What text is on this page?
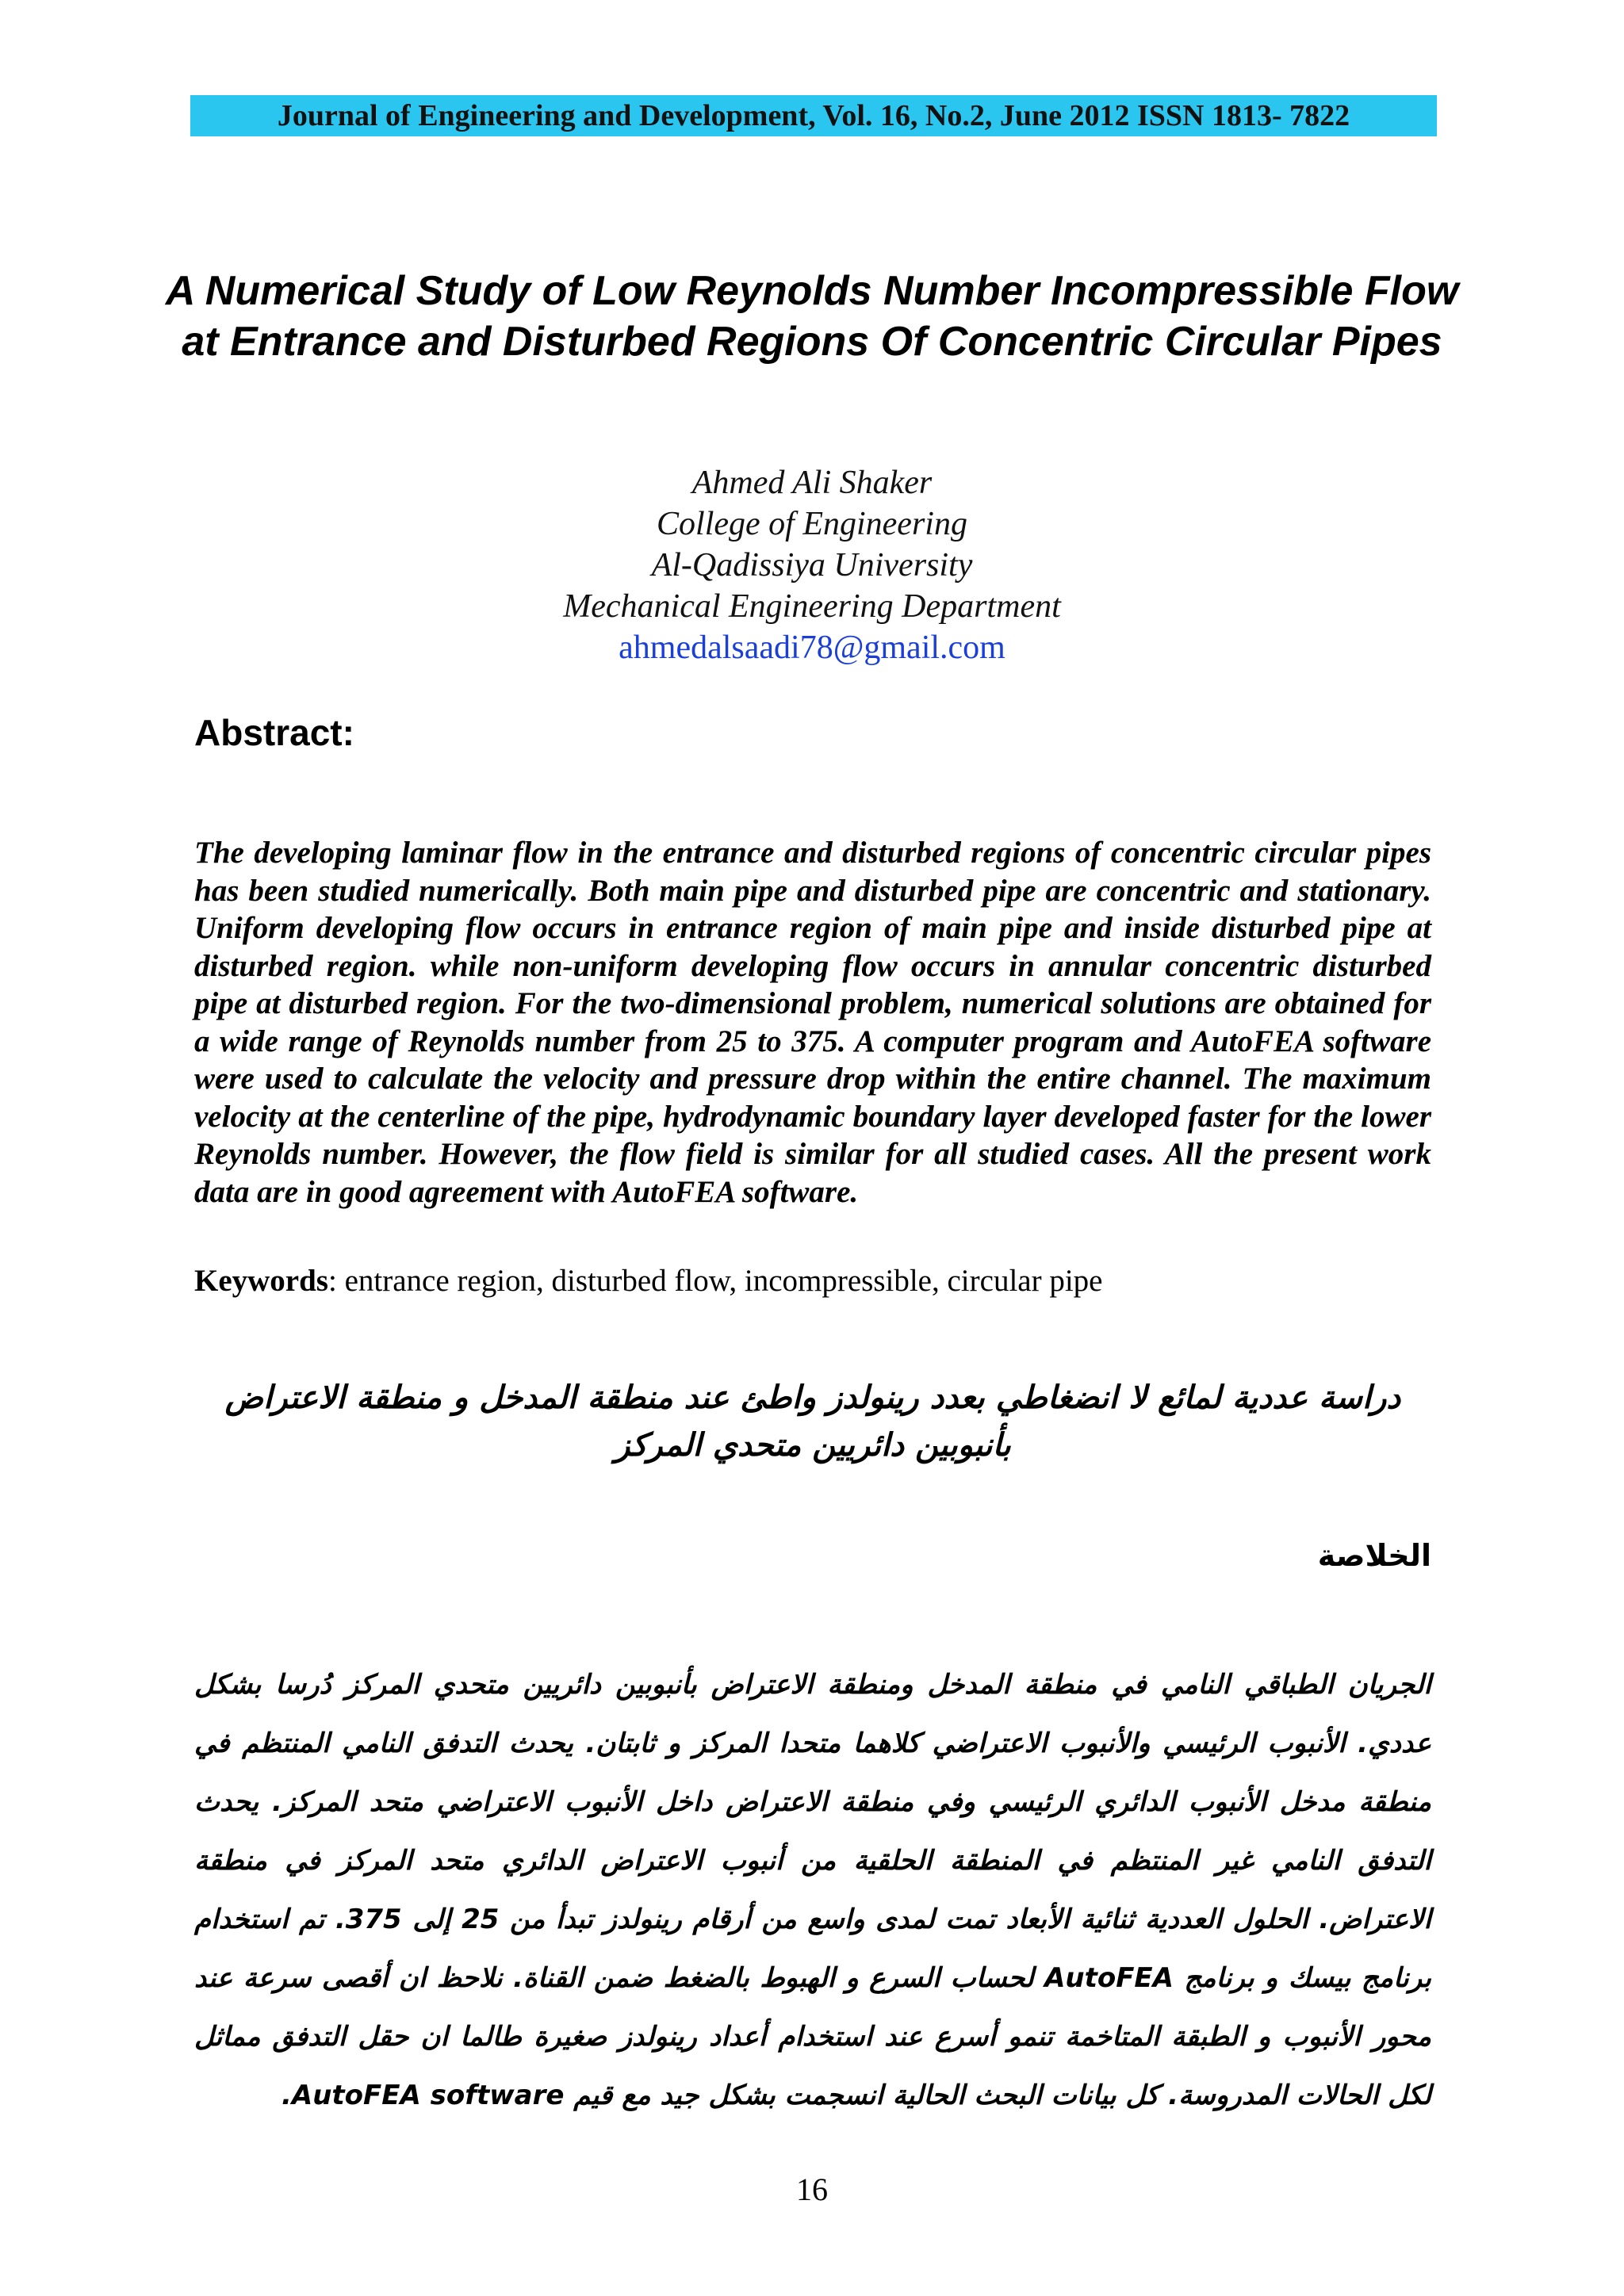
Journal of Engineering and Development, Vol. 16, No.2, June 2012 ISSN 1813- 7822
A Numerical Study of Low Reynolds Number Incompressible Flow at Entrance and Disturbed Regions Of Concentric Circular Pipes
Ahmed Ali Shaker
College of Engineering
Al-Qadissiya University
Mechanical Engineering Department
ahmedalsaadi78@gmail.com
Abstract:
The developing laminar flow in the entrance and disturbed regions of concentric circular pipes has been studied numerically. Both main pipe and disturbed pipe are concentric and stationary. Uniform developing flow occurs in entrance region of main pipe and inside disturbed pipe at disturbed region. while non-uniform developing flow occurs in annular concentric disturbed pipe at disturbed region. For the two-dimensional problem, numerical solutions are obtained for a wide range of Reynolds number from 25 to 375. A computer program and AutoFEA software were used to calculate the velocity and pressure drop within the entire channel. The maximum velocity at the centerline of the pipe, hydrodynamic boundary layer developed faster for the lower Reynolds number. However, the flow field is similar for all studied cases. All the present work data are in good agreement with AutoFEA software.
Keywords: entrance region, disturbed flow, incompressible, circular pipe
دراسة عددية لمائع لا انضغاطي بعدد رينولدز واطئ عند منطقة المدخل و منطقة الاعتراض بأنبوبين دائريين متحدي المركز
الخلاصة
الجريان الطباقي النامي في منطقة المدخل ومنطقة الاعتراض بأنبوبين دائريين متحدي المركز دُرسا بشكل عددي. الأنبوب الرئيسي والأنبوب الاعتراضي كلاهما متحدا المركز و ثابتان. يحدث التدفق النامي المنتظم في منطقة مدخل الأنبوب الدائري الرئيسي وفي منطقة الاعتراض داخل الأنبوب الاعتراضي متحد المركز. يحدث التدفق النامي غير المنتظم في المنطقة الحلقية من أنبوب الاعتراض الدائري متحد المركز في منطقة الاعتراض. الحلول العددية ثنائية الأبعاد تمت لمدى واسع من أرقام رينولدز تبدأ من 25 إلى 375. تم استخدام برنامج بيسك و برنامج AutoFEA لحساب السرع و الهبوط بالضغط ضمن القناة. نلاحظ ان أقصى سرعة عند محور الأنبوب و الطبقة المتاخمة تنمو أسرع عند استخدام أعداد رينولدز صغيرة طالما ان حقل التدفق مماثل لكل الحالات المدروسة. كل بيانات البحث الحالية انسجمت بشكل جيد مع قيم AutoFEA software.
16
